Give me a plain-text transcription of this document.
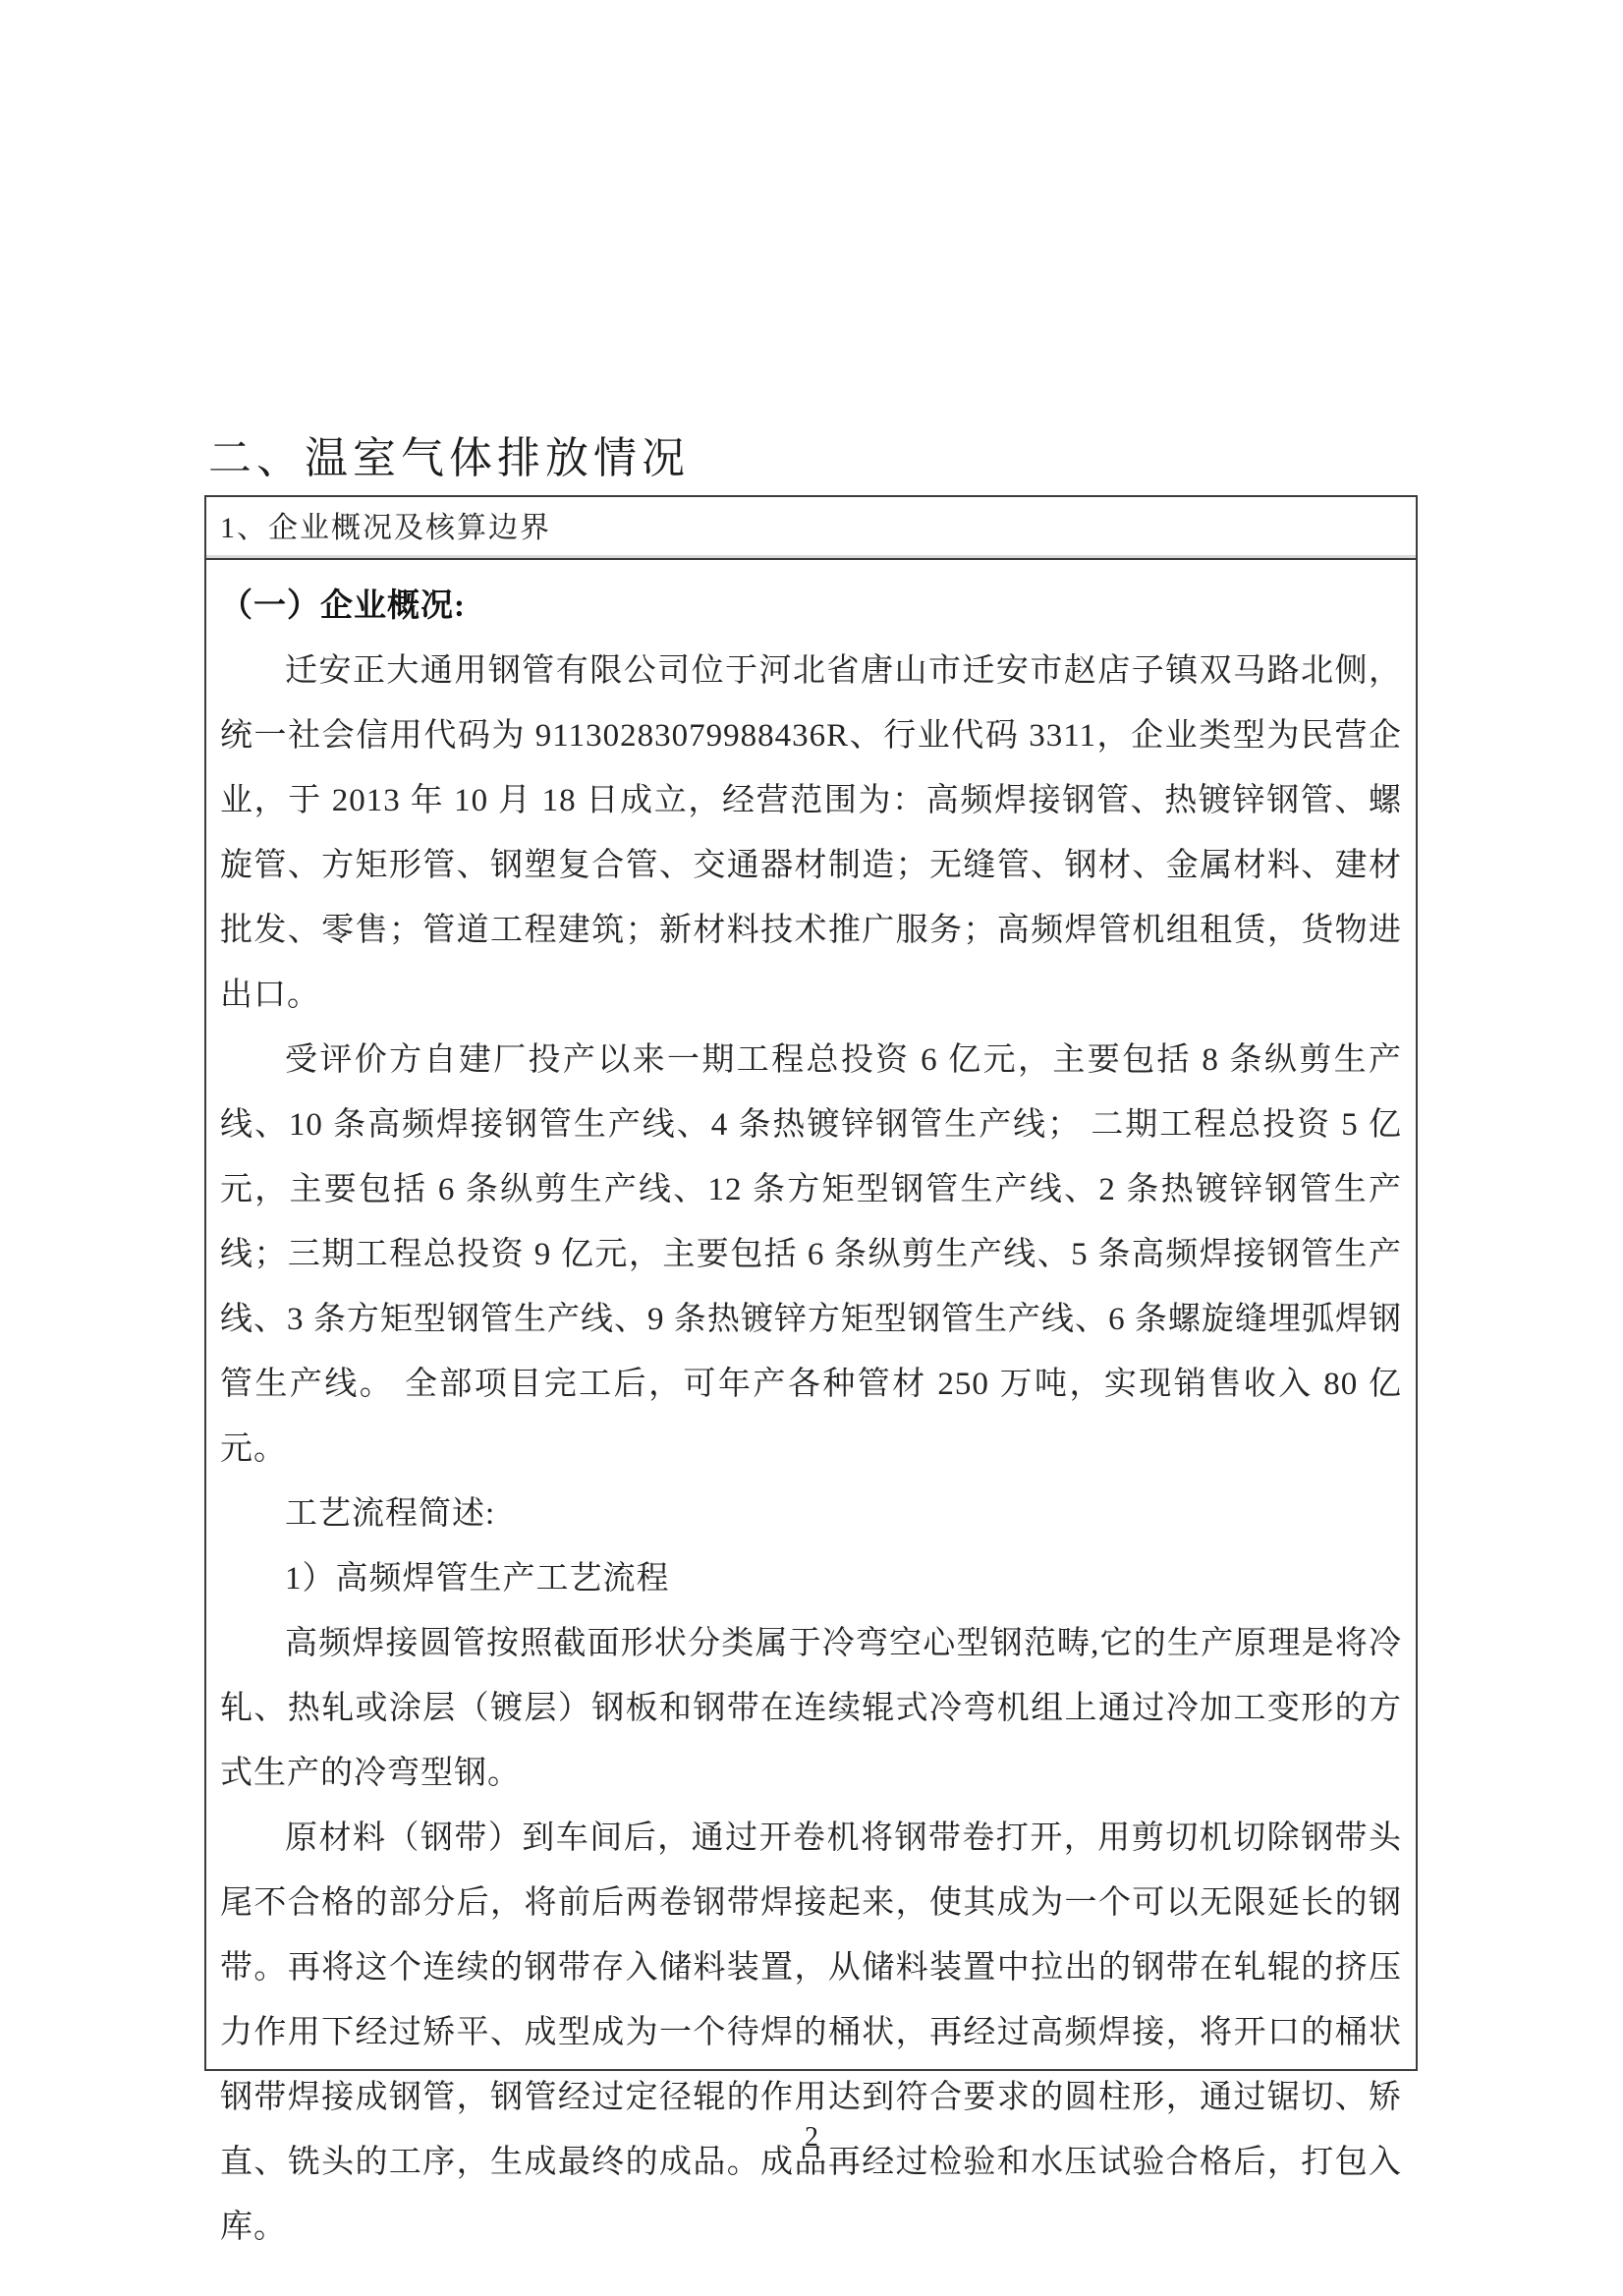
二、温室气体排放情况
1、企业概况及核算边界

（一）企业概况:

迁安正大通用钢管有限公司位于河北省唐山市迁安市赵店子镇双马路北侧，统一社会信用代码为 91130283079988436R、行业代码 3311，企业类型为民营企业，于 2013 年 10 月 18 日成立，经营范围为：高频焊接钢管、热镀锌钢管、螺旋管、方矩形管、钢塑复合管、交通器材制造；无缝管、钢材、金属材料、建材批发、零售；管道工程建筑；新材料技术推广服务；高频焊管机组租赁，货物进出口。

受评价方自建厂投产以来一期工程总投资 6 亿元，主要包括 8 条纵剪生产线、10 条高频焊接钢管生产线、4 条热镀锌钢管生产线； 二期工程总投资 5 亿元，主要包括 6 条纵剪生产线、12 条方矩型钢管生产线、2 条热镀锌钢管生产线；三期工程总投资 9 亿元，主要包括 6 条纵剪生产线、5 条高频焊接钢管生产线、3 条方矩型钢管生产线、9 条热镀锌方矩型钢管生产线、6 条螺旋缝埋弧焊钢管生产线。 全部项目完工后，可年产各种管材 250 万吨，实现销售收入 80 亿元。

工艺流程简述:

1）高频焊管生产工艺流程

高频焊接圆管按照截面形状分类属于冷弯空心型钢范畴,它的生产原理是将冷轧、热轧或涂层（镀层）钢板和钢带在连续辊式冷弯机组上通过冷加工变形的方式生产的冷弯型钢。

原材料（钢带）到车间后，通过开卷机将钢带卷打开，用剪切机切除钢带头尾不合格的部分后，将前后两卷钢带焊接起来，使其成为一个可以无限延长的钢带。再将这个连续的钢带存入储料装置，从储料装置中拉出的钢带在轧辊的挤压力作用下经过矫平、成型成为一个待焊的桶状，再经过高频焊接，将开口的桶状钢带焊接成钢管，钢管经过定径辊的作用达到符合要求的圆柱形，通过锯切、矫直、铣头的工序，生成最终的成品。成品再经过检验和水压试验合格后，打包入库。

2
